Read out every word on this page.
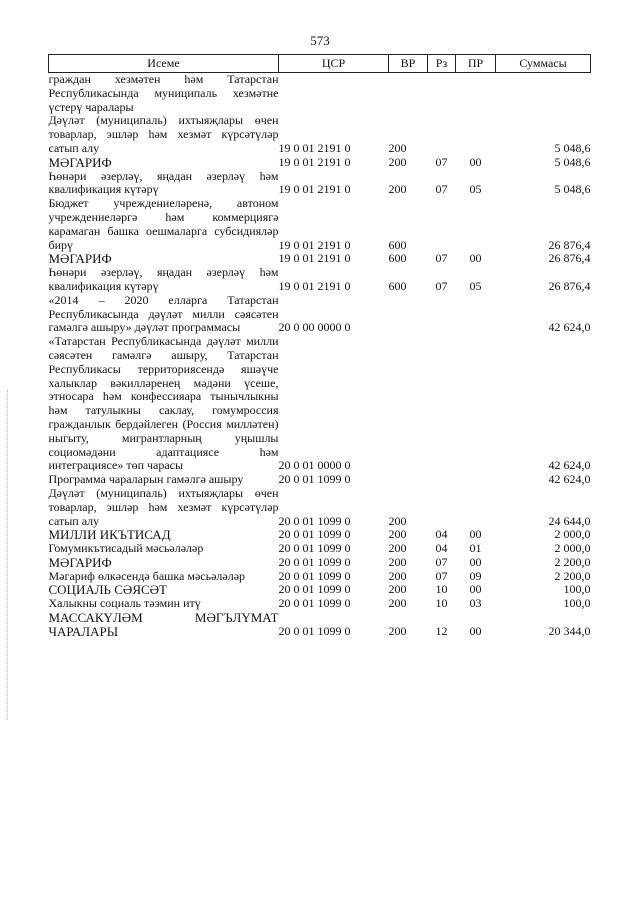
573
Исеме	ЦСР	ВР	Рз	ПР	Суммасы
граждан хезмәтен һәм Татарстан Республикасында муниципаль хезмәтне үстерү чаралары					
Дәүләт (муниципаль) ихтыяҗлары өчен товарлар, эшләр һәм хезмәт күрсәтүләр сатып алу	19 0 01 2191 0	200			5 048,6
МӘГАРИФ	19 0 01 2191 0	200	07	00	5 048,6
Һөнәри әзерләү, яңадан әзерләү һәм квалификация күтәрү	19 0 01 2191 0	200	07	05	5 048,6
Бюджет учреждениеләренә, автоном учреждениеләргә һәм коммерциягә карамаган башка оешмаларга субсидияләр бирү	19 0 01 2191 0	600			26 876,4
МӘГАРИФ	19 0 01 2191 0	600	07	00	26 876,4
Һөнәри әзерләү, яңадан әзерләү һәм квалификация күтәрү	19 0 01 2191 0	600	07	05	26 876,4
«2014 – 2020 елларга Татарстан Республикасында дәүләт милли сәясәтен гамәлгә ашыру» дәүләт программасы	20 0 00 0000 0				42 624,0
«Татарстан Республикасында дәүләт милли сәясәтен гамәлгә ашыру, Татарстан Республикасы территориясендә яшәүче халыклар вәкилләренең мәдәни үсеше, этносара һәм конфессияара тынычлыкны һәм татулыкны саклау, гомумроссия гражданлык бердәйлеген (Россия милләтен) ныгыту, мигрантларның уңышлы социомәдәни адаптациясе һәм интеграциясе» төп чарасы	20 0 01 0000 0				42 624,0
Программа чараларын гамәлгә ашыру	20 0 01 1099 0				42 624,0
Дәүләт (муниципаль) ихтыяҗлары өчен товарлар, эшләр һәм хезмәт күрсәтүләр сатып алу	20 0 01 1099 0	200			24 644,0
МИЛЛИ ИКЪТИСАД	20 0 01 1099 0	200	04	00	2 000,0
Гомумикътисадый мәсьәләләр	20 0 01 1099 0	200	04	01	2 000,0
МӘГАРИФ	20 0 01 1099 0	200	07	00	2 200,0
Мәгариф өлкәсендә башка мәсьәләләр	20 0 01 1099 0	200	07	09	2 200,0
СОЦИАЛЬ СӘЯСӘТ	20 0 01 1099 0	200	10	00	100,0
Халыкны социаль тәэмин итү	20 0 01 1099 0	200	10	03	100,0
МАССАКҮЛӘМ МӘГЪЛҮМАТ ЧАРАЛАРЫ	20 0 01 1099 0	200	12	00	20 344,0
